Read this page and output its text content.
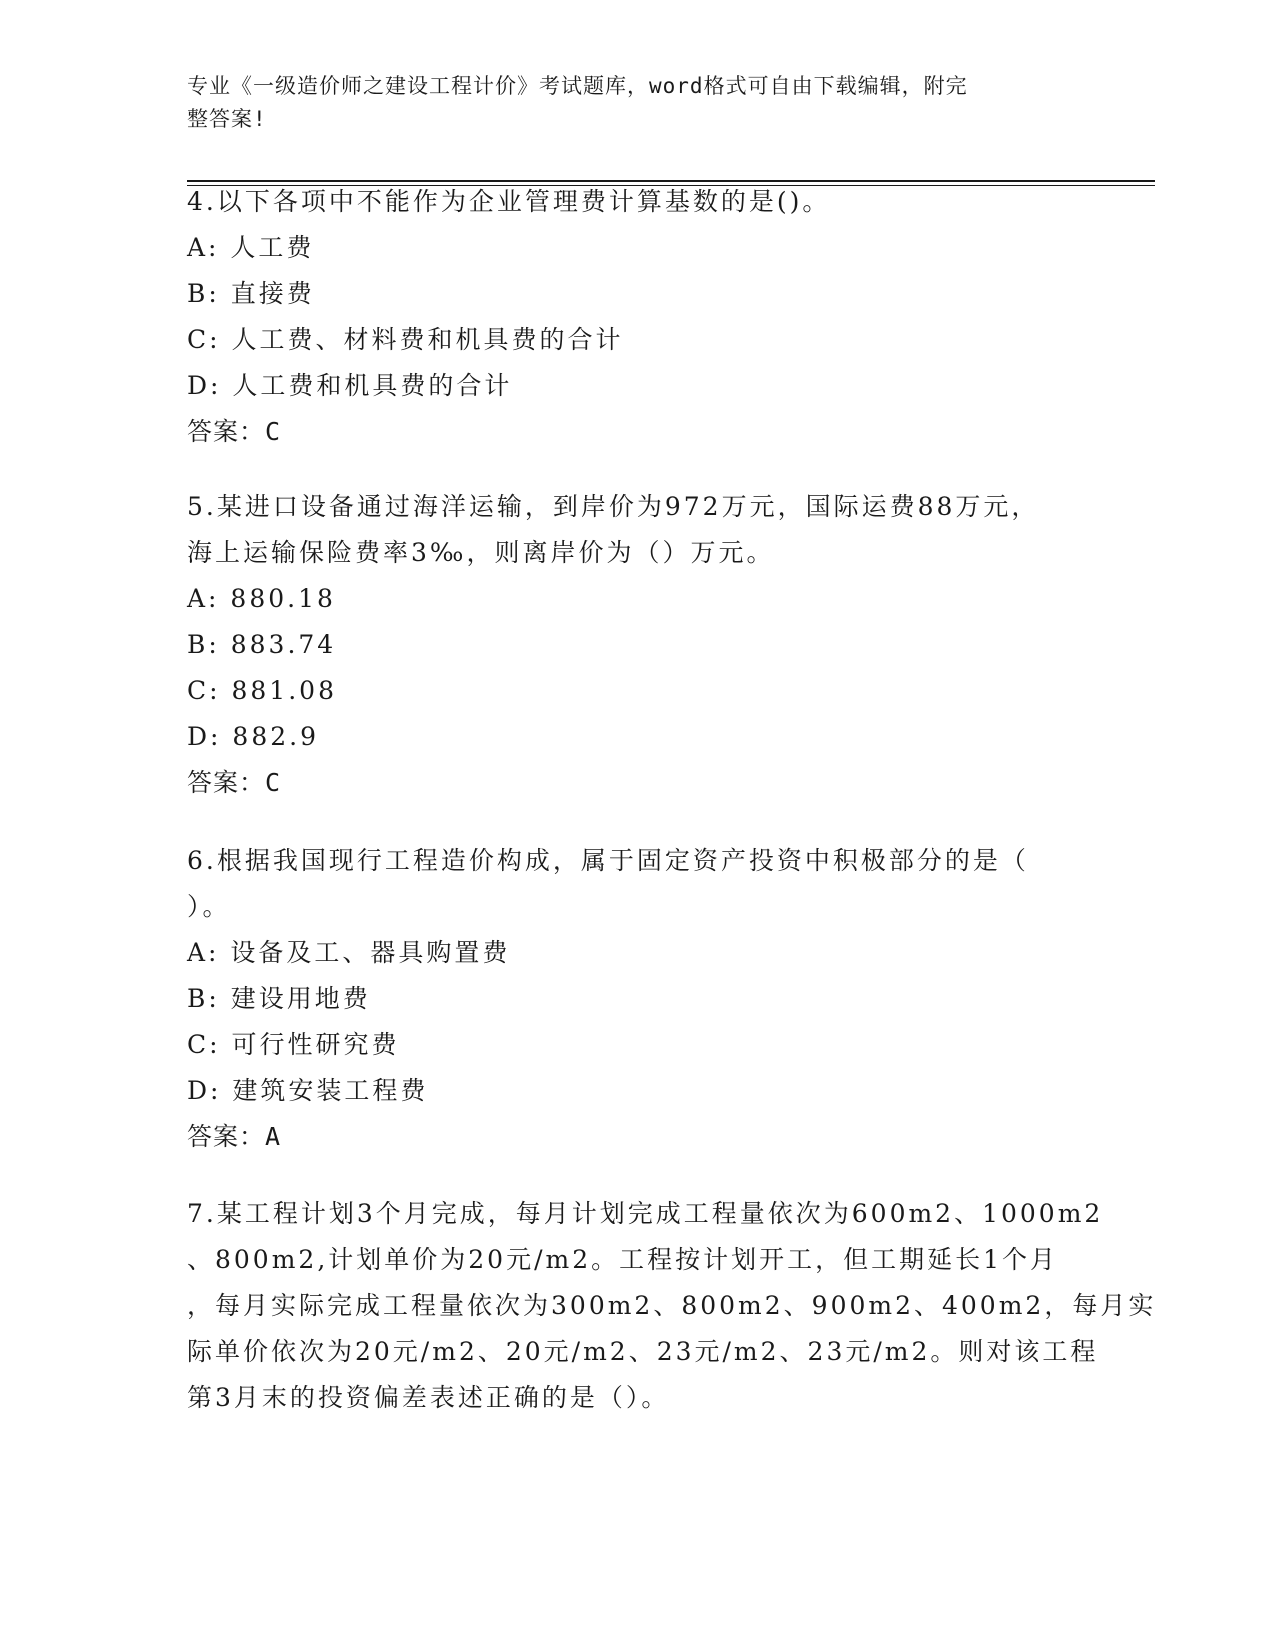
专业《一级造价师之建设工程计价》考试题库，word格式可自由下载编辑，附完
整答案!
4.以下各项中不能作为企业管理费计算基数的是()。
A: 人工费
B: 直接费
C: 人工费、材料费和机具费的合计
D: 人工费和机具费的合计
答案：C
5.某进口设备通过海洋运输，到岸价为972万元，国际运费88万元，
海上运输保险费率3‰，则离岸价为（）万元。
A: 880.18
B: 883.74
C: 881.08
D: 882.9
答案：C
6.根据我国现行工程造价构成，属于固定资产投资中积极部分的是（
）。
A: 设备及工、器具购置费
B: 建设用地费
C: 可行性研究费
D: 建筑安装工程费
答案：A
7.某工程计划3个月完成，每月计划完成工程量依次为600m2、1000m2
、800m2,计划单价为20元/m2。工程按计划开工，但工期延长1个月
，每月实际完成工程量依次为300m2、800m2、900m2、400m2，每月实
际单价依次为20元/m2、20元/m2、23元/m2、23元/m2。则对该工程
第3月末的投资偏差表述正确的是（）。
